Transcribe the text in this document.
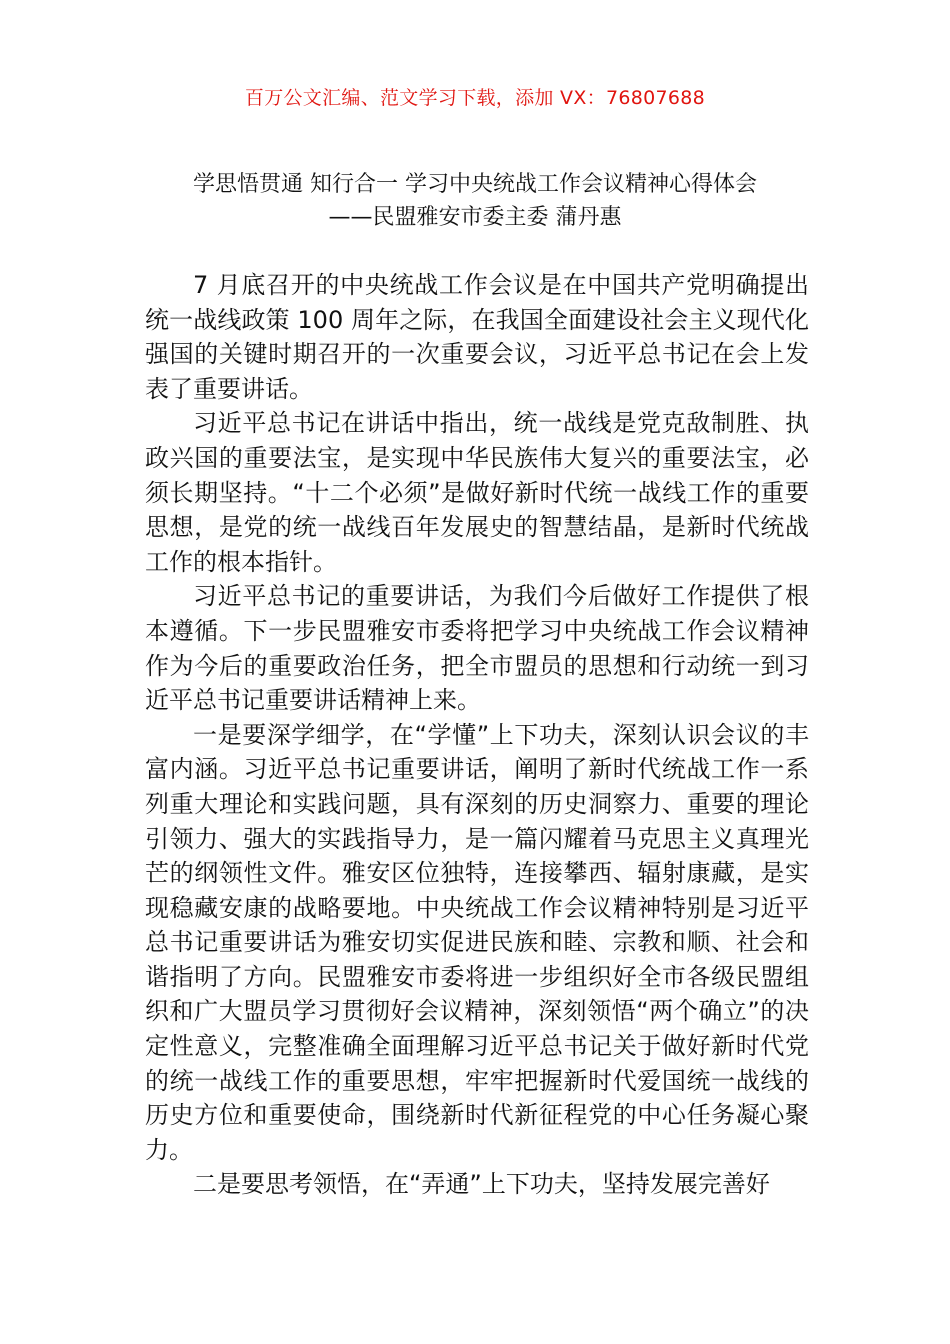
百万公文汇编、范文学习下载，添加 VX：76807688
学思悟贯通 知行合一 学习中央统战工作会议精神心得体会
——民盟雅安市委主委 蒲丹惠

7 月底召开的中央统战工作会议是在中国共产党明确提出统一战线政策 100 周年之际，在我国全面建设社会主义现代化强国的关键时期召开的一次重要会议，习近平总书记在会上发表了重要讲话。

习近平总书记在讲话中指出，统一战线是党克敌制胜、执政兴国的重要法宝，是实现中华民族伟大复兴的重要法宝，必须长期坚持。“十二个必须”是做好新时代统一战线工作的重要思想，是党的统一战线百年发展史的智慧结晶，是新时代统战工作的根本指针。

习近平总书记的重要讲话，为我们今后做好工作提供了根本遵循。下一步民盟雅安市委将把学习中央统战工作会议精神作为今后的重要政治任务，把全市盟员的思想和行动统一到习近平总书记重要讲话精神上来。

一是要深学细学，在“学懂”上下功夫，深刻认识会议的丰富内涵。习近平总书记重要讲话，阐明了新时代统战工作一系列重大理论和实践问题，具有深刻的历史洞察力、重要的理论引领力、强大的实践指导力，是一篇闪耀着马克思主义真理光芒的纲领性文件。雅安区位独特，连接攀西、辐射康藏，是实现稳藏安康的战略要地。中央统战工作会议精神特别是习近平总书记重要讲话为雅安切实促进民族和睦、宗教和顺、社会和谐指明了方向。民盟雅安市委将进一步组织好全市各级民盟组织和广大盟员学习贯彻好会议精神，深刻领悟“两个确立”的决定性意义，完整准确全面理解习近平总书记关于做好新时代党的统一战线工作的重要思想，牢牢把握新时代爱国统一战线的历史方位和重要使命，围绕新时代新征程党的中心任务凝心聚力。

二是要思考领悟，在“弄通”上下功夫，坚持发展完善好
